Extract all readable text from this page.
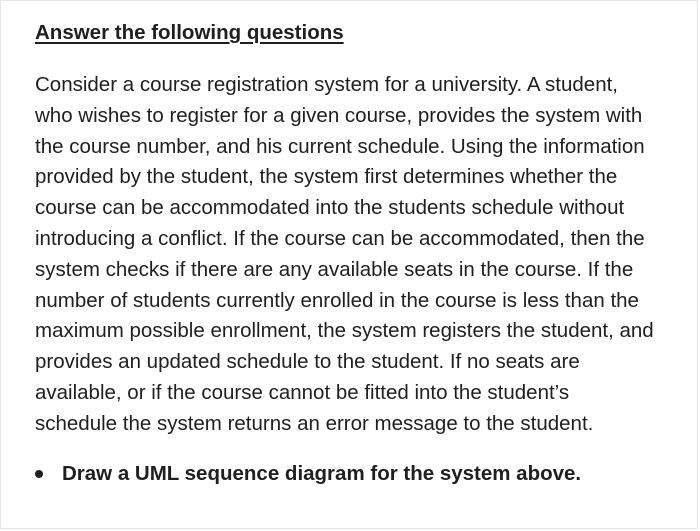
Answer the following questions

Consider a course registration system for a university. A student,
who wishes to register for a given course, provides the system with
the course number, and his current schedule. Using the information
provided by the student, the system first determines whether the
course can be accommodated into the students schedule without
introducing a conflict. If the course can be accommodated, then the
system checks if there are any available seats in the course. If the
number of students currently enrolled in the course is less than the
maximum possible enrollment, the system registers the student, and
provides an updated schedule to the student. If no seats are
available, or if the course cannot be fitted into the student’s
schedule the system returns an error message to the student.

Draw a UML sequence diagram for the system above.
